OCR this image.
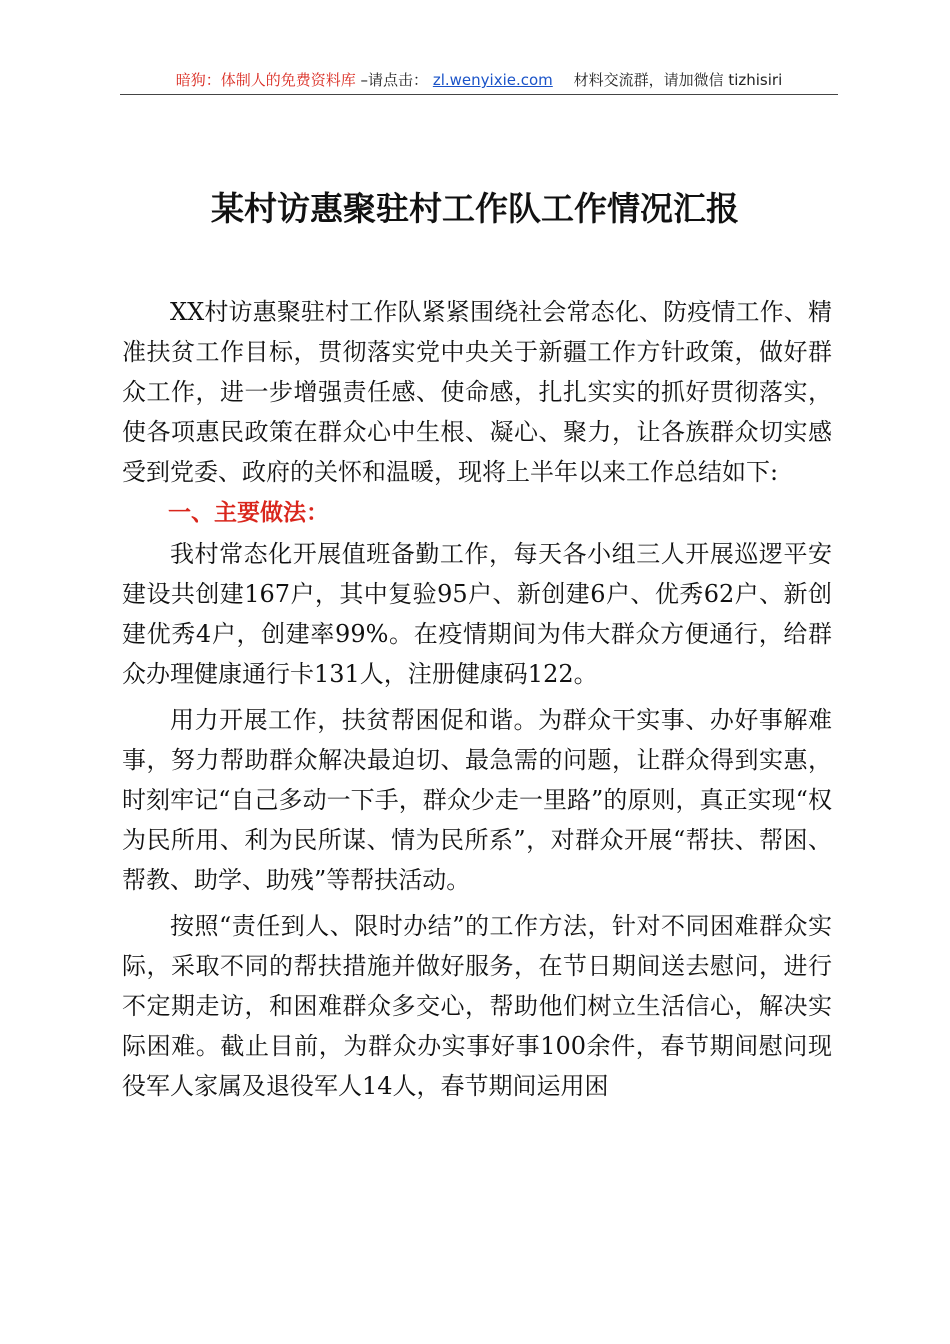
暗狗：体制人的免费资料库 –请点击： zl.wenyixie.com 材料交流群，请加微信 tizhisiri
某村访惠聚驻村工作队工作情况汇报

XX村访惠聚驻村工作队紧紧围绕社会常态化、防疫情工作、精准扶贫工作目标，贯彻落实党中央关于新疆工作方针政策，做好群众工作，进一步增强责任感、使命感，扎扎实实的抓好贯彻落实，使各项惠民政策在群众心中生根、凝心、聚力，让各族群众切实感受到党委、政府的关怀和温暖，现将上半年以来工作总结如下:

一、主要做法：

我村常态化开展值班备勤工作，每天各小组三人开展巡逻平安建设共创建167户，其中复验95户、新创建6户、优秀62户、新创建优秀4户，创建率99%。在疫情期间为伟大群众方便通行，给群众办理健康通行卡131人，注册健康码122。

用力开展工作，扶贫帮困促和谐。为群众干实事、办好事解难事，努力帮助群众解决最迫切、最急需的问题，让群众得到实惠，时刻牢记“自己多动一下手，群众少走一里路”的原则，真正实现“权为民所用、利为民所谋、情为民所系”，对群众开展“帮扶、帮困、帮教、助学、助残”等帮扶活动。

按照“责任到人、限时办结”的工作方法，针对不同困难群众实际，采取不同的帮扶措施并做好服务，在节日期间送去慰问，进行不定期走访，和困难群众多交心，帮助他们树立生活信心，解决实际困难。截止目前，为群众办实事好事100余件，春节期间慰问现役军人家属及退役军人14人，春节期间运用困
